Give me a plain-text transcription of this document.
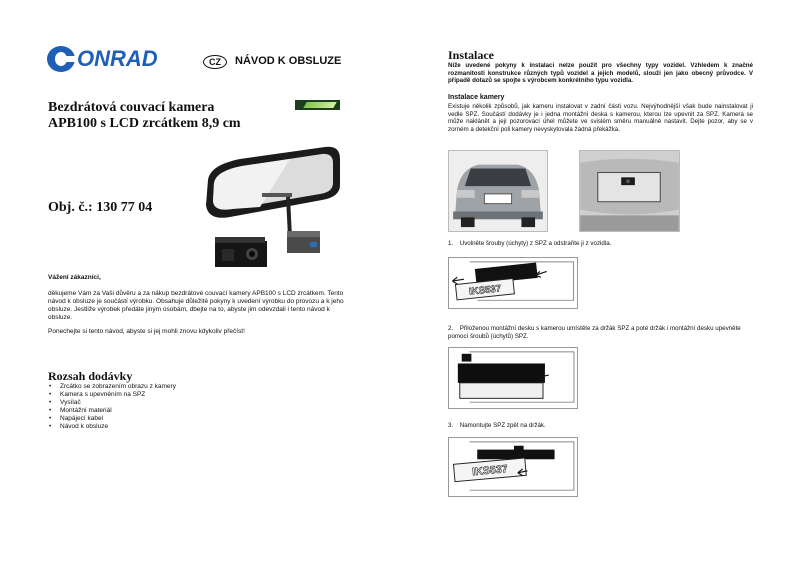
ONRAD	CZ	NÁVOD K OBSLUZE
Bezdrátová couvací kamera
APB100 s LCD zrcátkem 8,9 cm
Obj. č.: 130 77 04
Vážení zákazníci,
děkujeme Vám za Vaši důvěru a za nákup bezdrátové couvací kamery APB100 s LCD zrcátkem. Tento návod k obsluze je součástí výrobku. Obsahuje důležité pokyny k uvedení výrobku do provozu a k jeho obsluze. Jestliže výrobek předáte jiným osobám, dbejte na to, abyste jim odevzdali i tento návod k obsluze.
Ponechejte si tento návod, abyste si jej mohli znovu kdykoliv přečíst!
Rozsah dodávky
• Zrcátko se zobrazením obrazu z kamery
• Kamera s upevněním na SPZ
• Vysílač
• Montážní materiál
• Napájecí kabel
• Návod k obsluze
Instalace
Níže uvedené pokyny k instalaci nelze použít pro všechny typy vozidel. Vzhledem k značné rozmanitosti konstrukce různých typů vozidel a jejich modelů, slouží jen jako obecný průvodce. V případě dotazů se spojte s výrobcem konkrétního typu vozidla.
Instalace kamery
Existuje několik způsobů, jak kameru instalovat v zadní části vozu. Nejvýhodnější však bude nainstalovat ji vedle SPZ. Součástí dodávky je i jedna montážní deska s kamerou, kterou lze upevnit za SPZ. Kamera se může naklánět a její pozorovací úhel můžete ve svislém směru manuálně nastavit. Dejte pozor, aby se v zorném a detekční poli kamery nevyskytovala žádná překážka.
1. Uvolněte šrouby (úchyty) z SPZ a odstraňte ji z vozidla.
IKS537
2. Přiloženou montážní desku s kamerou umístěte za držák SPZ a poté držák i montážní desku upevněte pomocí šroubů (úchytů) SPZ.
3. Namontujte SPZ zpět na držák.
IKS537
